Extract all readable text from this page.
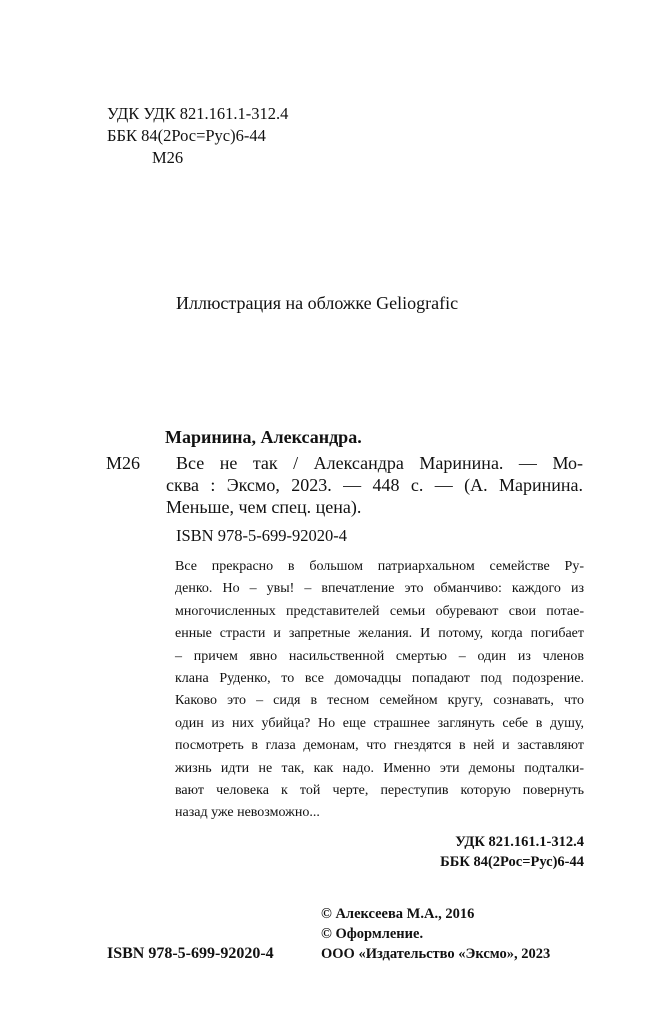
УДК УДК 821.161.1-312.4
ББК 84(2Рос=Рус)6-44
М26
Иллюстрация на обложке Geliografic
Маринина, Александра.
М26 Все не так / Александра Маринина. — Мо-
сква : Эксмо, 2023. — 448 с. — (А. Маринина.
Меньше, чем спец. цена).
ISBN 978-5-699-92020-4
Все прекрасно в большом патриархальном семействе Ру-
денко. Но – увы! – впечатление это обманчиво: каждого из
многочисленных представителей семьи обуревают свои потае-
енные страсти и запретные желания. И потому, когда погибает
– причем явно насильственной смертью – один из членов
клана Руденко, то все домочадцы попадают под подозрение.
Каково это – сидя в тесном семейном кругу, сознавать, что
один из них убийца? Но еще страшнее заглянуть себе в душу,
посмотреть в глаза демонам, что гнездятся в ней и заставляют
жизнь идти не так, как надо. Именно эти демоны подталки-
вают человека к той черте, переступив которую повернуть
назад уже невозможно...
УДК 821.161.1-312.4
ББК 84(2Рос=Рус)6-44
© Алексеева М.А., 2016
© Оформление.
ISBN 978-5-699-92020-4	ООО «Издательство «Эксмо», 2023
